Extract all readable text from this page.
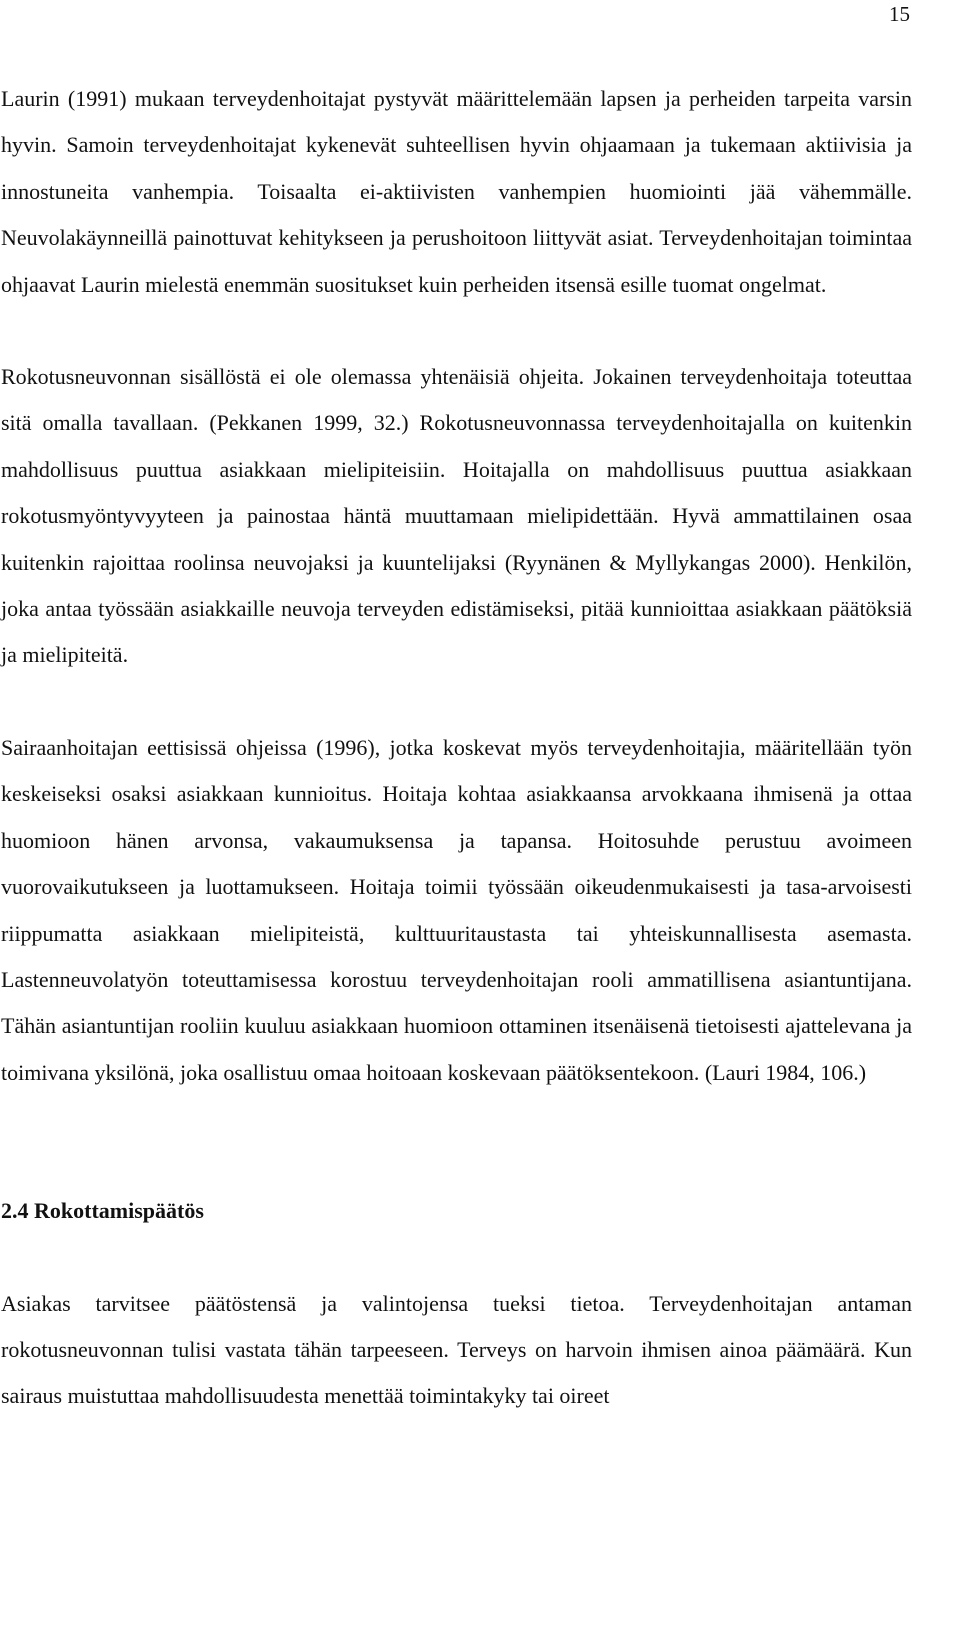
15

Laurin (1991) mukaan terveydenhoitajat pystyvät määrittelemään lapsen ja perheiden tarpeita varsin hyvin. Samoin terveydenhoitajat kykenevät suhteellisen hyvin ohjaamaan ja tukemaan aktiivisia ja innostuneita vanhempia. Toisaalta ei-aktiivisten vanhempien huomiointi jää vähemmälle. Neuvolakäynneillä painottuvat kehitykseen ja perushoitoon liittyvät asiat. Terveydenhoitajan toimintaa ohjaavat Laurin mielestä enemmän suositukset kuin perheiden itsensä esille tuomat ongelmat.

Rokotusneuvonnan sisällöstä ei ole olemassa yhtenäisiä ohjeita. Jokainen terveydenhoitaja toteuttaa sitä omalla tavallaan. (Pekkanen 1999, 32.) Rokotusneuvonnassa terveydenhoitajalla on kuitenkin mahdollisuus puuttua asiakkaan mielipiteisiin. Hoitajalla on mahdollisuus puuttua asiakkaan rokotusmyöntyvyyteen ja painostaa häntä muuttamaan mielipidettään. Hyvä ammattilainen osaa kuitenkin rajoittaa roolinsa neuvojaksi ja kuuntelijaksi (Ryynänen & Myllykangas 2000). Henkilön, joka antaa työssään asiakkaille neuvoja terveyden edistämiseksi, pitää kunnioittaa asiakkaan päätöksiä ja mielipiteitä.

Sairaanhoitajan eettisissä ohjeissa (1996), jotka koskevat myös terveydenhoitajia, määritellään työn keskeiseksi osaksi asiakkaan kunnioitus. Hoitaja kohtaa asiakkaansa arvokkaana ihmisenä ja ottaa huomioon hänen arvonsa, vakaumuksensa ja tapansa. Hoitosuhde perustuu avoimeen vuorovaikutukseen ja luottamukseen. Hoitaja toimii työssään oikeudenmukaisesti ja tasa-arvoisesti riippumatta asiakkaan mielipiteistä, kulttuuritaustasta tai yhteiskunnallisesta asemasta. Lastenneuvolatyön toteuttamisessa korostuu terveydenhoitajan rooli ammatillisena asiantuntijana. Tähän asiantuntijan rooliin kuuluu asiakkaan huomioon ottaminen itsenäisenä tietoisesti ajattelevana ja toimivana yksilönä, joka osallistuu omaa hoitoaan koskevaan päätöksentekoon. (Lauri 1984, 106.)

2.4 Rokottamispäätös

Asiakas tarvitsee päätöstensä ja valintojensa tueksi tietoa. Terveydenhoitajan antaman rokotusneuvonnan tulisi vastata tähän tarpeeseen. Terveys on harvoin ihmisen ainoa päämäärä. Kun sairaus muistuttaa mahdollisuudesta menettää toimintakyky tai oireet
